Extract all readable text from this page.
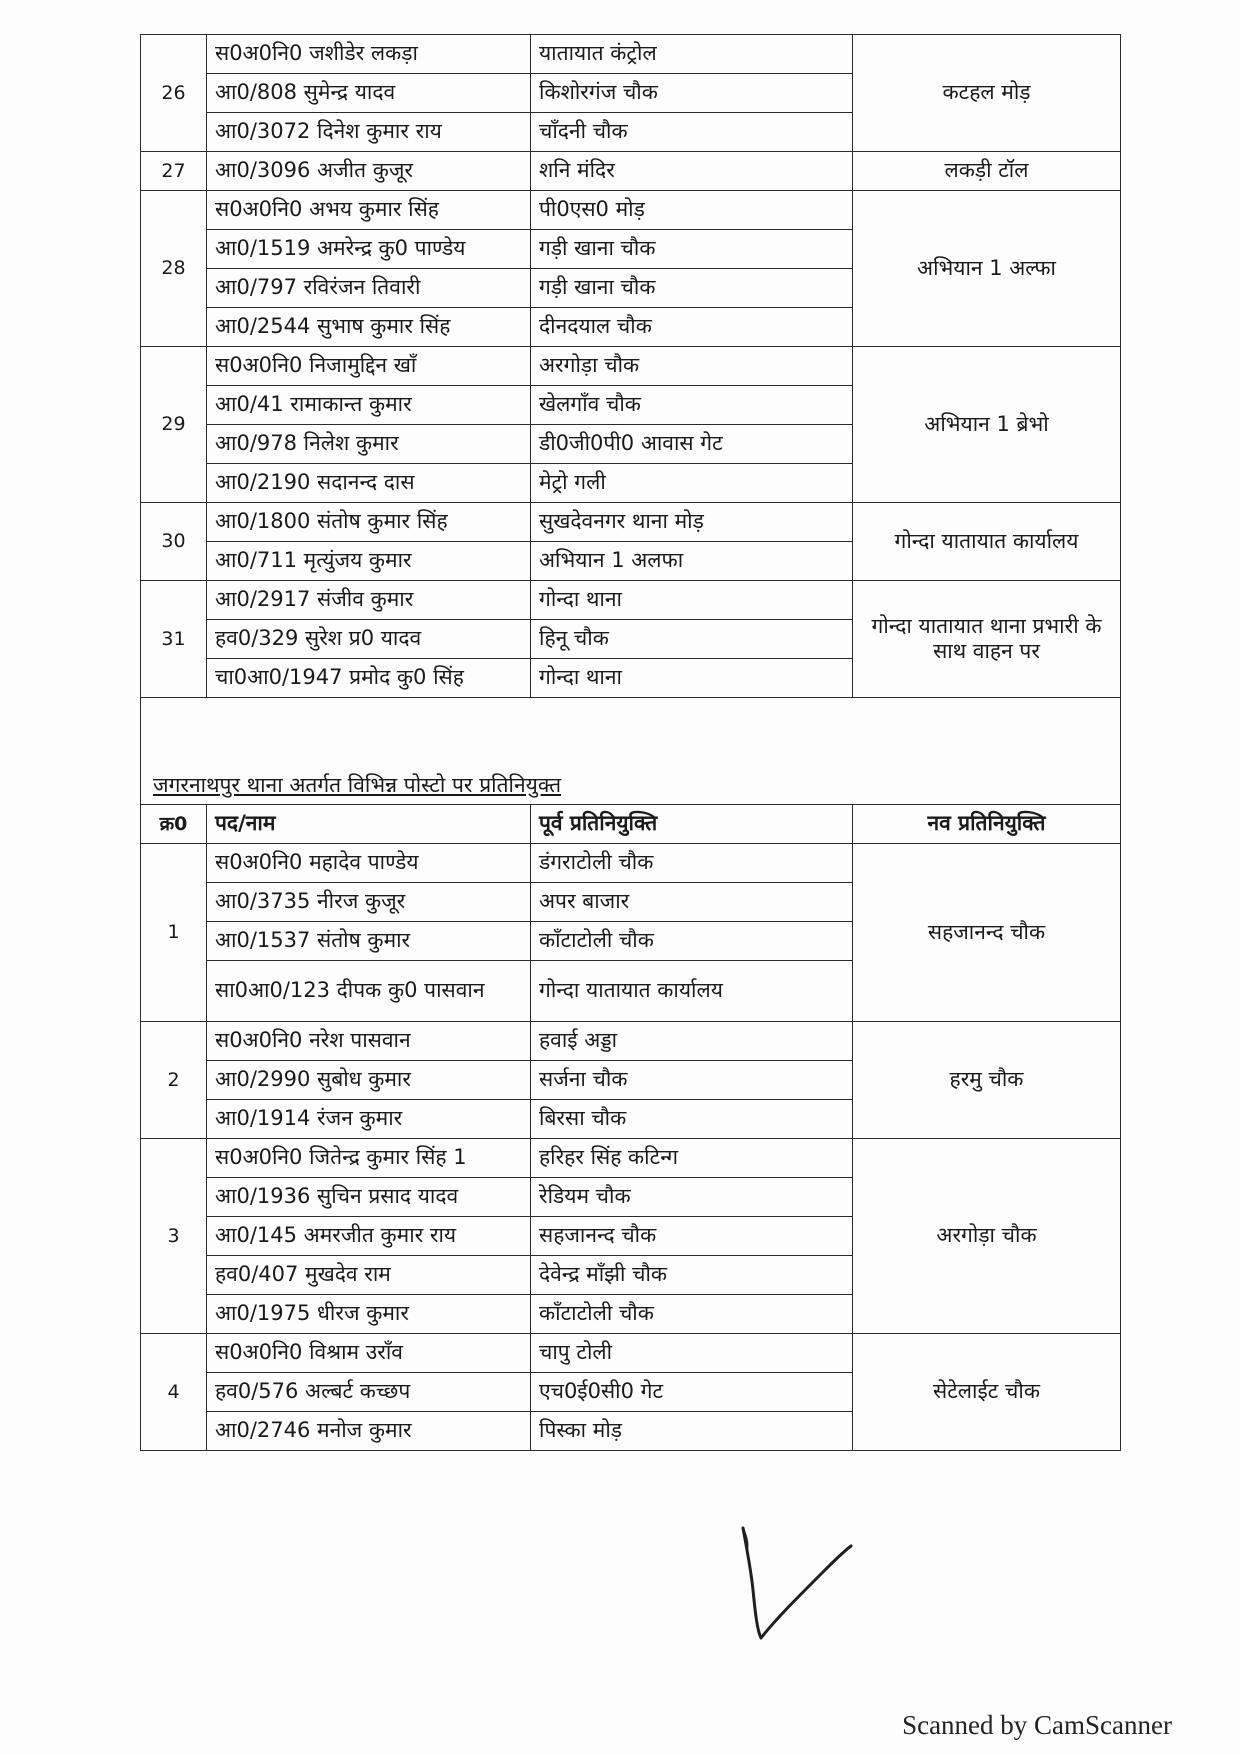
26	स0अ0नि0 जशीडेर लकड़ा	यातायात कंट्रोल	कटहल मोड़
	आ0/808 सुमेन्द्र यादव	किशोरगंज चौक	
	आ0/3072 दिनेश कुमार राय	चाँदनी चौक	
27	आ0/3096 अजीत कुजूर	शनि मंदिर	लकड़ी टॉल
28	स0अ0नि0 अभय कुमार सिंह	पी0एस0 मोड़	अभियान 1 अल्फा
	आ0/1519 अमरेन्द्र कु0 पाण्डेय	गड़ी खाना चौक	
	आ0/797 रविरंजन तिवारी	गड़ी खाना चौक	
	आ0/2544 सुभाष कुमार सिंह	दीनदयाल चौक	
29	स0अ0नि0 निजामुद्दिन खाँ	अरगोड़ा चौक	अभियान 1 ब्रेभो
	आ0/41 रामाकान्त कुमार	खेलगाँव चौक	
	आ0/978 निलेश कुमार	डी0जी0पी0 आवास गेट	
	आ0/2190 सदानन्द दास	मेट्रो गली	
30	आ0/1800 संतोष कुमार सिंह	सुखदेवनगर थाना मोड़	गोन्दा यातायात कार्यालय
	आ0/711 मृत्युंजय कुमार	अभियान 1 अलफा	
31	आ0/2917 संजीव कुमार	गोन्दा थाना	गोन्दा यातायात थाना प्रभारी के साथ वाहन पर
	हव0/329 सुरेश प्र0 यादव	हिनू चौक	
	चा0आ0/1947 प्रमोद कु0 सिंह	गोन्दा थाना	
जगरनाथपुर थाना अतर्गत विभिन्न पोस्टो पर प्रतिनियुक्त			
क्र0	पद/नाम	पूर्व प्रतिनियुक्ति	नव प्रतिनियुक्ति
1	स0अ0नि0 महादेव पाण्डेय	डंगराटोली चौक	सहजानन्द चौक
	आ0/3735 नीरज कुजूर	अपर बाजार	
	आ0/1537 संतोष कुमार	काँटाटोली चौक	
	सा0आ0/123 दीपक कु0 पासवान	गोन्दा यातायात कार्यालय	
2	स0अ0नि0 नरेश पासवान	हवाई अड्डा	हरमु चौक
	आ0/2990 सुबोध कुमार	सर्जना चौक	
	आ0/1914 रंजन कुमार	बिरसा चौक	
3	स0अ0नि0 जितेन्द्र कुमार सिंह 1	हरिहर सिंह कटिन्ग	अरगोड़ा चौक
	आ0/1936 सुचिन प्रसाद यादव	रेडियम चौक	
	आ0/145 अमरजीत कुमार राय	सहजानन्द चौक	
	हव0/407 मुखदेव राम	देवेन्द्र माँझी चौक	
	आ0/1975 धीरज कुमार	काँटाटोली चौक	
4	स0अ0नि0 विश्राम उराँव	चापु टोली	सेटेलाईट चौक
	हव0/576 अल्बर्ट कच्छप	एच0ई0सी0 गेट	
	आ0/2746 मनोज कुमार	पिस्का मोड़	
Scanned by CamScanner
